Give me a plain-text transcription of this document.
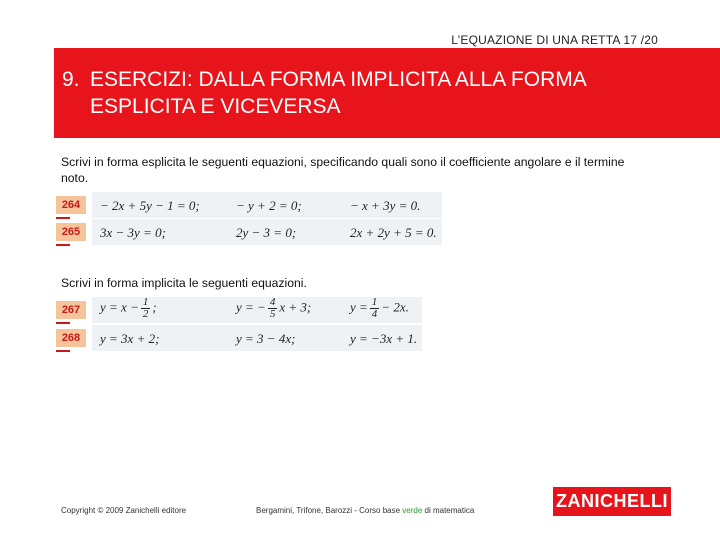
L’EQUAZIONE DI UNA RETTA 17 /20
9. ESERCIZI: DALLA FORMA IMPLICITA ALLA FORMA
ESPLICITA E VICEVERSA
Scrivi in forma esplicita le seguenti equazioni, specificando quali sono il coefficiente angolare e il termine noto.
264	− 2x + 5y − 1 = 0;	− y + 2 = 0;	− x + 3y = 0.
265	3x − 3y = 0;	2y − 3 = 0;	2x + 2y + 5 = 0.
Scrivi in forma implicita le seguenti equazioni.
267	$y = x - \frac{1}{2}$ ;	y = − $\frac{4}{5}$ x + 3;	$y = \frac{1}{4} - 2x$.
268	y = 3x + 2;	y = 3 − 4x;	y = −3x + 1.
Copyright © 2009 Zanichelli editore	Bergamini, Trifone, Barozzi - Corso base verde di matematica	ZANICHELLI
